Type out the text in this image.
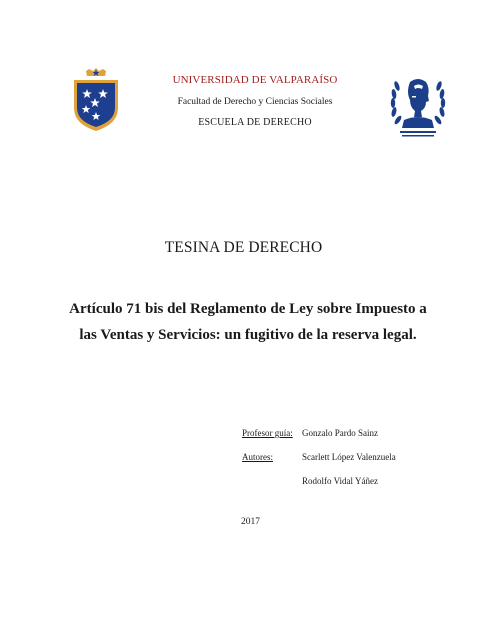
UNIVERSIDAD DE VALPARAÍSO
Facultad de Derecho y Ciencias Sociales
ESCUELA DE DERECHO
TESINA DE DERECHO
Artículo 71 bis del Reglamento de Ley sobre Impuesto a
las Ventas y Servicios: un fugitivo de la reserva legal.
Profesor guía:	Gonzalo Pardo Sainz
Autores:	Scarlett López Valenzuela
Rodolfo Vidal Yáñez
2017
